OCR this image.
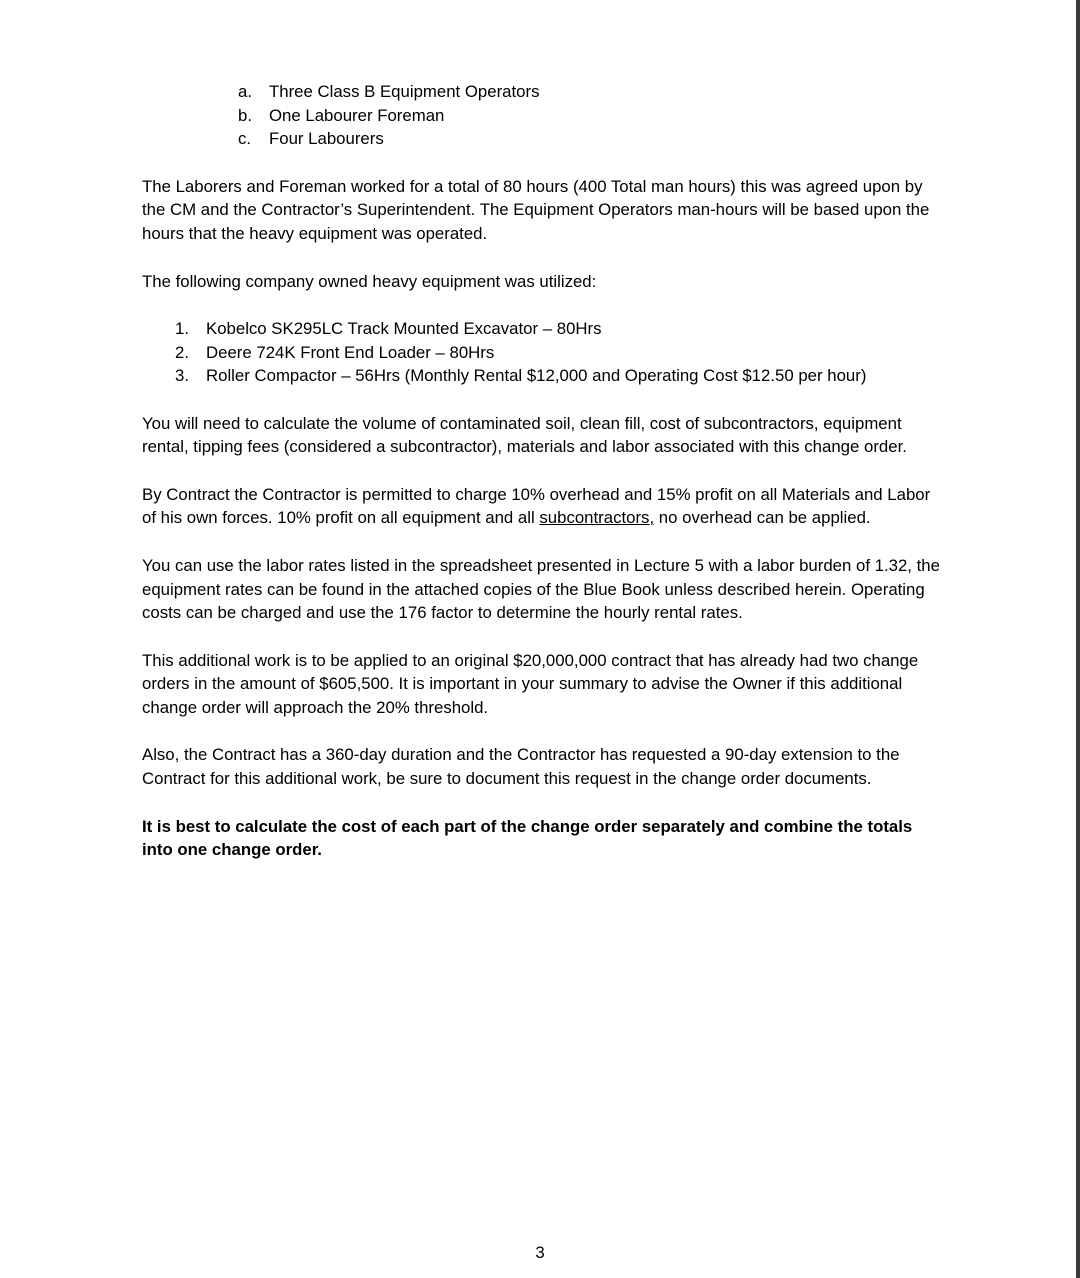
a. Three Class B Equipment Operators
b. One Labourer Foreman
c. Four Labourers

The Laborers and Foreman worked for a total of 80 hours (400 Total man hours) this was agreed upon by the CM and the Contractor’s Superintendent. The Equipment Operators man-hours will be based upon the hours that the heavy equipment was operated.

The following company owned heavy equipment was utilized:

1. Kobelco SK295LC Track Mounted Excavator – 80Hrs
2. Deere 724K Front End Loader – 80Hrs
3. Roller Compactor – 56Hrs (Monthly Rental $12,000 and Operating Cost $12.50 per hour)

You will need to calculate the volume of contaminated soil, clean fill, cost of subcontractors, equipment rental, tipping fees (considered a subcontractor), materials and labor associated with this change order.

By Contract the Contractor is permitted to charge 10% overhead and 15% profit on all Materials and Labor of his own forces. 10% profit on all equipment and all subcontractors, no overhead can be applied.

You can use the labor rates listed in the spreadsheet presented in Lecture 5 with a labor burden of 1.32, the equipment rates can be found in the attached copies of the Blue Book unless described herein. Operating costs can be charged and use the 176 factor to determine the hourly rental rates.

This additional work is to be applied to an original $20,000,000 contract that has already had two change orders in the amount of $605,500. It is important in your summary to advise the Owner if this additional change order will approach the 20% threshold.

Also, the Contract has a 360-day duration and the Contractor has requested a 90-day extension to the Contract for this additional work, be sure to document this request in the change order documents.

It is best to calculate the cost of each part of the change order separately and combine the totals into one change order.

3
